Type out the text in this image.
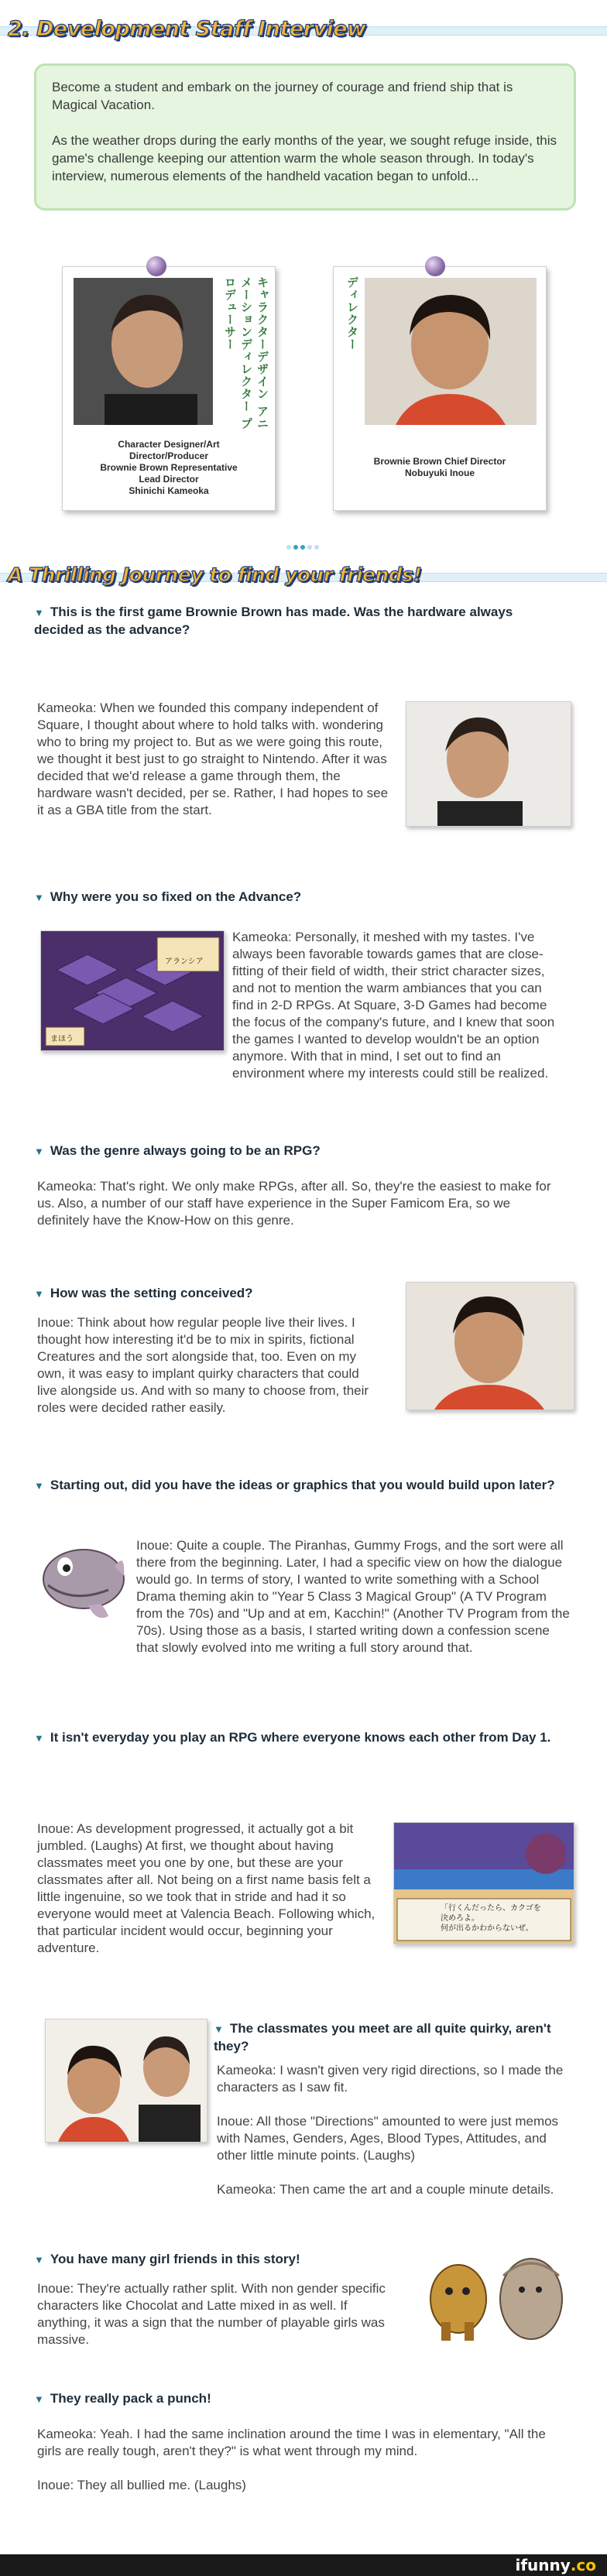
2. Development Staff Interview

Become a student and embark on the journey of courage and friend ship that is Magical Vacation.

As the weather drops during the early months of the year, we sought refuge inside, this game's challenge keeping our attention warm the whole season through. In today's interview, numerous elements of the handheld vacation began to unfold...

キャラクターデザイン アニメーションディレクター プロデューサー
Character Designer/Art
Director/Producer
Brownie Brown Representative
Lead Director
Shinichi Kameoka
ディレクター
Brownie Brown Chief Director
Nobuyuki Inoue
A Thrilling Journey to find your friends!
▼ This is the first game Brownie Brown has made. Was the hardware always decided as the advance?

Kameoka: When we founded this company independent of Square, I thought about where to hold talks with. wondering who to bring my project to. But as we were going this route, we thought it best just to go straight to Nintendo. After it was decided that we'd release a game through them, the hardware wasn't decided, per se. Rather, I had hopes to see it as a GBA title from the start.

▼ Why were you so fixed on the Advance?
アランシア
まほう

Kameoka: Personally, it meshed with my tastes. I've always been favorable towards games that are close-fitting of their field of width, their strict character sizes, and not to mention the warm ambiances that you can find in 2-D RPGs. At Square, 3-D Games had become the focus of the company's future, and I knew that soon the games I wanted to develop wouldn't be an option anymore. With that in mind, I set out to find an environment where my interests could still be realized.

▼ Was the genre always going to be an RPG?

Kameoka: That's right. We only make RPGs, after all. So, they're the easiest to make for us. Also, a number of our staff have experience in the Super Famicom Era, so we definitely have the Know-How on this genre.

▼ How was the setting conceived?

Inoue: Think about how regular people live their lives. I thought how interesting it'd be to mix in spirits, fictional Creatures and the sort alongside that, too. Even on my own, it was easy to implant quirky characters that could live alongside us. And with so many to choose from, their roles were decided rather easily.

▼ Starting out, did you have the ideas or graphics that you would build upon later?

Inoue: Quite a couple. The Piranhas, Gummy Frogs, and the sort were all there from the beginning. Later, I had a specific view on how the dialogue would go. In terms of story, I wanted to write something with a School Drama theming akin to "Year 5 Class 3 Magical Group" (A TV Program from the 70s) and "Up and at em, Kacchin!" (Another TV Program from the 70s). Using those as a basis, I started writing down a confession scene that slowly evolved into me writing a full story around that.

▼ It isn't everyday you play an RPG where everyone knows each other from Day 1.

Inoue: As development progressed, it actually got a bit jumbled. (Laughs) At first, we thought about having classmates meet you one by one, but these are your classmates after all. Not being on a first name basis felt a little ingenuine, so we took that in stride and had it so everyone would meet at Valencia Beach. Following which, that particular incident would occur, beginning your adventure.

「行くんだったら、カクゴを
決めろよ。
何が出るかわからないぜ。
▼ The classmates you meet are all quite quirky, aren't they?

Kameoka: I wasn't given very rigid directions, so I made the characters as I saw fit.

Inoue: All those "Directions" amounted to were just memos with Names, Genders, Ages, Blood Types, Attitudes, and other little minute points. (Laughs)

Kameoka: Then came the art and a couple minute details.

▼ You have many girl friends in this story!

Inoue: They're actually rather split. With non gender specific characters like Chocolat and Latte mixed in as well. If anything, it was a sign that the number of playable girls was massive.

▼ They really pack a punch!

Kameoka: Yeah. I had the same inclination around the time I was in elementary, "All the girls are really tough, aren't they?" is what went through my mind.

Inoue: They all bullied me. (Laughs)

ifunny.co
